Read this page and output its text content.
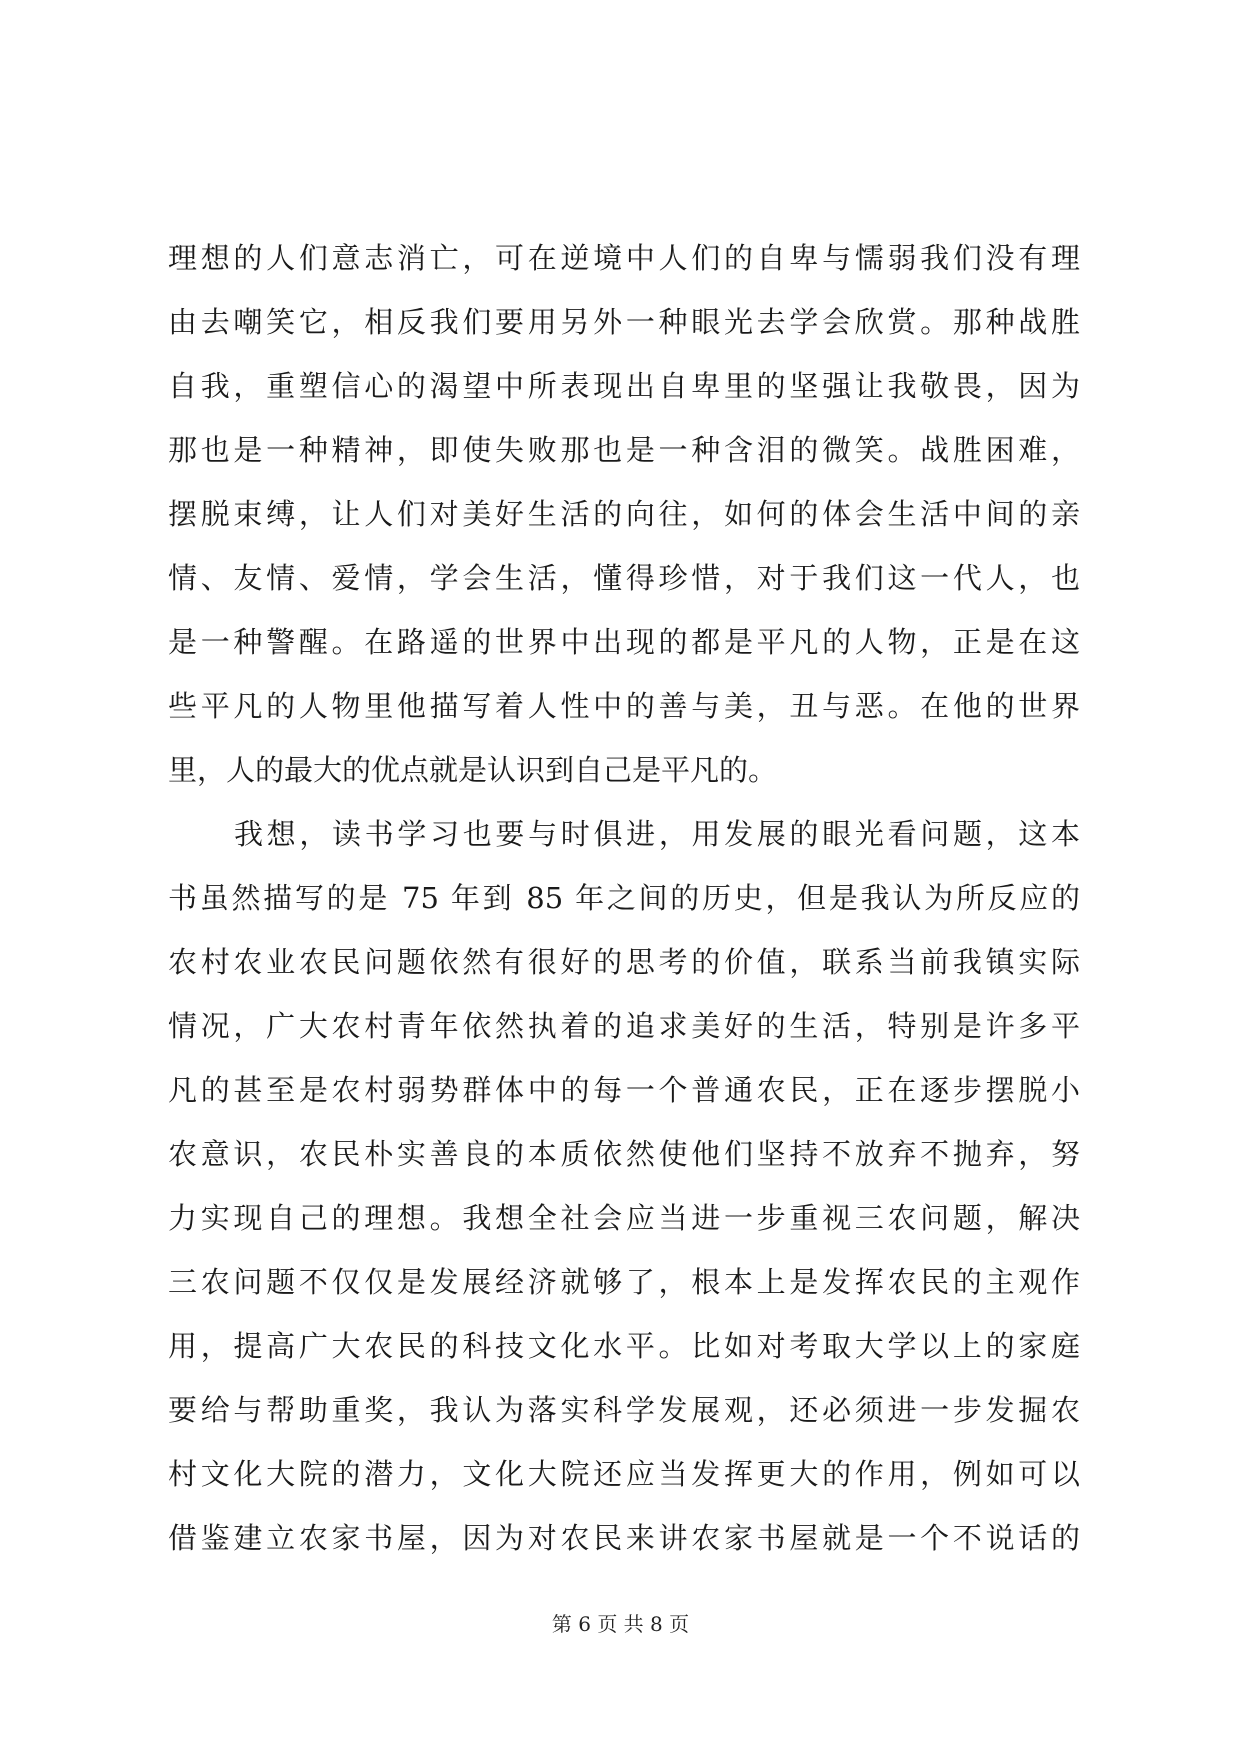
理想的人们意志消亡，可在逆境中人们的自卑与懦弱我们没有理
由去嘲笑它，相反我们要用另外一种眼光去学会欣赏。那种战胜
自我，重塑信心的渴望中所表现出自卑里的坚强让我敬畏，因为
那也是一种精神，即使失败那也是一种含泪的微笑。战胜困难，
摆脱束缚，让人们对美好生活的向往，如何的体会生活中间的亲
情、友情、爱情，学会生活，懂得珍惜，对于我们这一代人，也
是一种警醒。在路遥的世界中出现的都是平凡的人物，正是在这
些平凡的人物里他描写着人性中的善与美，丑与恶。在他的世界
里，人的最大的优点就是认识到自己是平凡的。
我想，读书学习也要与时俱进，用发展的眼光看问题，这本
书虽然描写的是 75 年到 85 年之间的历史，但是我认为所反应的
农村农业农民问题依然有很好的思考的价值，联系当前我镇实际
情况，广大农村青年依然执着的追求美好的生活，特别是许多平
凡的甚至是农村弱势群体中的每一个普通农民，正在逐步摆脱小
农意识，农民朴实善良的本质依然使他们坚持不放弃不抛弃，努
力实现自己的理想。我想全社会应当进一步重视三农问题，解决
三农问题不仅仅是发展经济就够了，根本上是发挥农民的主观作
用，提高广大农民的科技文化水平。比如对考取大学以上的家庭
要给与帮助重奖，我认为落实科学发展观，还必须进一步发掘农
村文化大院的潜力，文化大院还应当发挥更大的作用，例如可以
借鉴建立农家书屋，因为对农民来讲农家书屋就是一个不说话的
第 6 页 共 8 页
